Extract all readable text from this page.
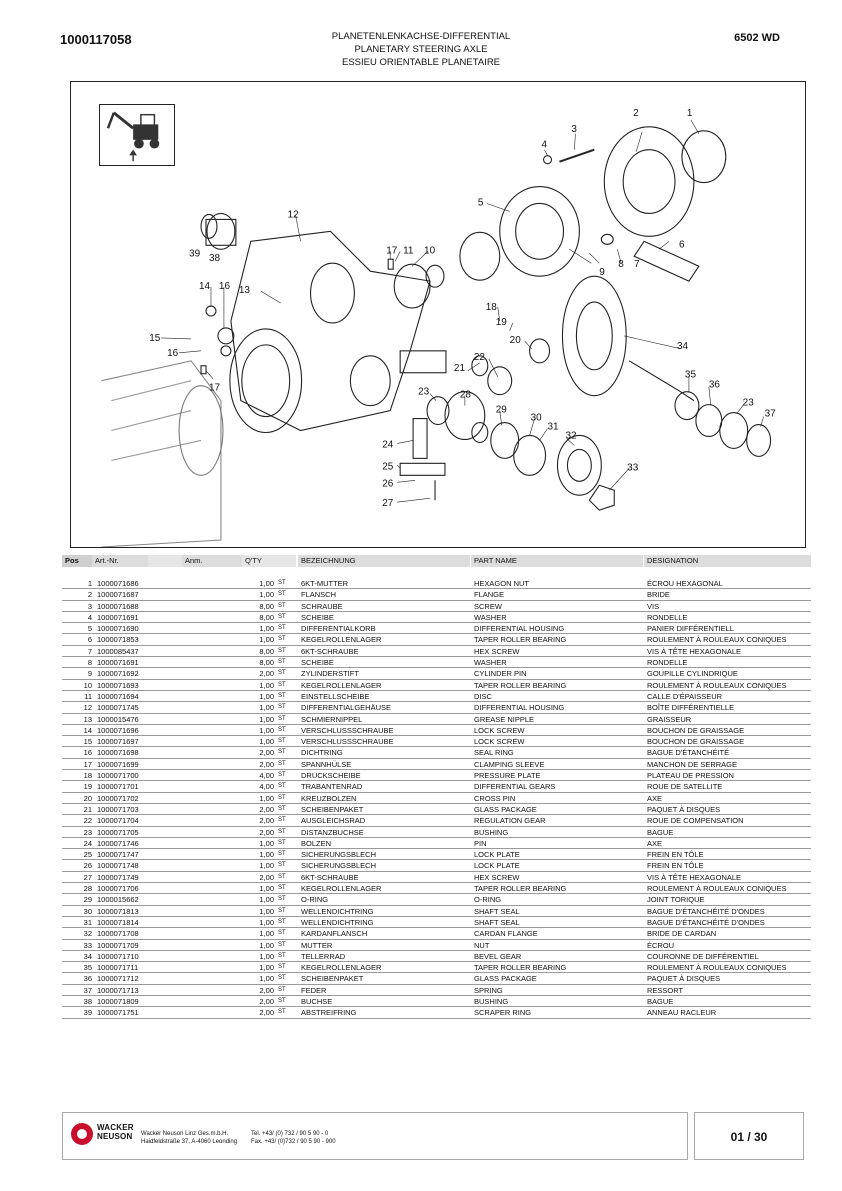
1000117058	PLANETENLENKACHSE-DIFFERENTIAL
PLANETARY STEERING AXLE
ESSIEU ORIENTABLE PLANETAIRE
6502 WD
1
2
3
4
5
6
7
8
9
10
11
12
13
14
15
16
16
17
17
18
19
20
21
22
23
23
24
25
26
27
28
29
30
31
32
33
34
35
36
37
38
39
Pos	Art.-Nr.	Anm.	Q'TY	BEZEICHNUNG	PART NAME	DESIGNATION
1 1000071686	1,00 ST 6KT-MUTTER	HEXAGON NUT	ÉCROU HEXAGONAL
2 1000071687	1,00 ST FLANSCH	FLANGE	BRIDE
3 1000071688	8,00 ST SCHRAUBE	SCREW	VIS
4 1000071691	8,00 ST SCHEIBE	WASHER	RONDELLE
5 1000071690	1,00 ST DIFFERENTIALKORB	DIFFERENTIAL HOUSING	PANIER DIFFÉRENTIELL
6 1000071853	1,00 ST KEGELROLLENLAGER	TAPER ROLLER BEARING	ROULEMENT À ROULEAUX CONIQUES
7 1000085437	8,00 ST 6KT-SCHRAUBE	HEX SCREW	VIS À TÊTE HEXAGONALE
8 1000071691	8,00 ST SCHEIBE	WASHER	RONDELLE
9 1000071692	2,00 ST ZYLINDERSTIFT	CYLINDER PIN	GOUPILLE CYLINDRIQUE
10 1000071693	1,00 ST KEGELROLLENLAGER	TAPER ROLLER BEARING	ROULEMENT À ROULEAUX CONIQUES
11 1000071694	1,00 ST EINSTELLSCHEIBE	DISC	CALLE D'ÉPAISSEUR
12 1000071745	1,00 ST DIFFERENTIALGEHÄUSE	DIFFERENTIAL HOUSING	BOÎTE DIFFÉRENTIELLE
13 1000015476	1,00 ST SCHMIERNIPPEL	GREASE NIPPLE	GRAISSEUR
14 1000071696	1,00 ST VERSCHLUSSSCHRAUBE	LOCK SCREW	BOUCHON DE GRAISSAGE
15 1000071697	1,00 ST VERSCHLUSSSCHRAUBE	LOCK SCREW	BOUCHON DE GRAISSAGE
16 1000071698	2,00 ST DICHTRING	SEAL RING	BAGUE D'ÉTANCHÉITÉ
17 1000071699	2,00 ST SPANNHÜLSE	CLAMPING SLEEVE	MANCHON DE SERRAGE
18 1000071700	4,00 ST DRUCKSCHEIBE	PRESSURE PLATE	PLATEAU DE PRESSION
19 1000071701	4,00 ST TRABANTENRAD	DIFFERENTIAL GEARS	ROUE DE SATELLITE
20 1000071702	1,00 ST KREUZBOLZEN	CROSS PIN	AXE
21 1000071703	2,00 ST SCHEIBENPAKET	GLASS PACKAGE	PAQUET À DISQUES
22 1000071704	2,00 ST AUSGLEICHSRAD	REGULATION GEAR	ROUE DE COMPENSATION
23 1000071705	2,00 ST DISTANZBUCHSE	BUSHING	BAGUE
24 1000071746	1,00 ST BOLZEN	PIN	AXE
25 1000071747	1,00 ST SICHERUNGSBLECH	LOCK PLATE	FREIN EN TÔLE
26 1000071748	1,00 ST SICHERUNGSBLECH	LOCK PLATE	FREIN EN TÔLE
27 1000071749	2,00 ST 6KT-SCHRAUBE	HEX SCREW	VIS À TÊTE HEXAGONALE
28 1000071706	1,00 ST KEGELROLLENLAGER	TAPER ROLLER BEARING	ROULEMENT À ROULEAUX CONIQUES
29 1000015662	1,00 ST O-RING	O-RING	JOINT TORIQUE
30 1000071813	1,00 ST WELLENDICHTRING	SHAFT SEAL	BAGUE D'ÉTANCHÉITÉ D'ONDES
31 1000071814	1,00 ST WELLENDICHTRING	SHAFT SEAL	BAGUE D'ÉTANCHÉITÉ D'ONDES
32 1000071708	1,00 ST KARDANFLANSCH	CARDAN FLANGE	BRIDE DE CARDAN
33 1000071709	1,00 ST MUTTER	NUT	ÉCROU
34 1000071710	1,00 ST TELLERRAD	BEVEL GEAR	COURONNE DE DIFFÉRENTIEL
35 1000071711	1,00 ST KEGELROLLENLAGER	TAPER ROLLER BEARING	ROULEMENT À ROULEAUX CONIQUES
36 1000071712	1,00 ST SCHEIBENPAKET	GLASS PACKAGE	PAQUET À DISQUES
37 1000071713	2,00 ST FEDER	SPRING	RESSORT
38 1000071809	2,00 ST BUCHSE	BUSHING	BAGUE
39 1000071751	2,00 ST ABSTREIFRING	SCRAPER RING	ANNEAU RACLEUR
WACKER
NEUSON Wacker Neuson Linz Ges.m.b.H.
Haidfeldstraße 37, A-4060 Leonding
Tel. +43/ (0) 732 / 90 5 90 - 0
Fax. +43/ (0)732 / 90 5 90 - 900	01 / 30
